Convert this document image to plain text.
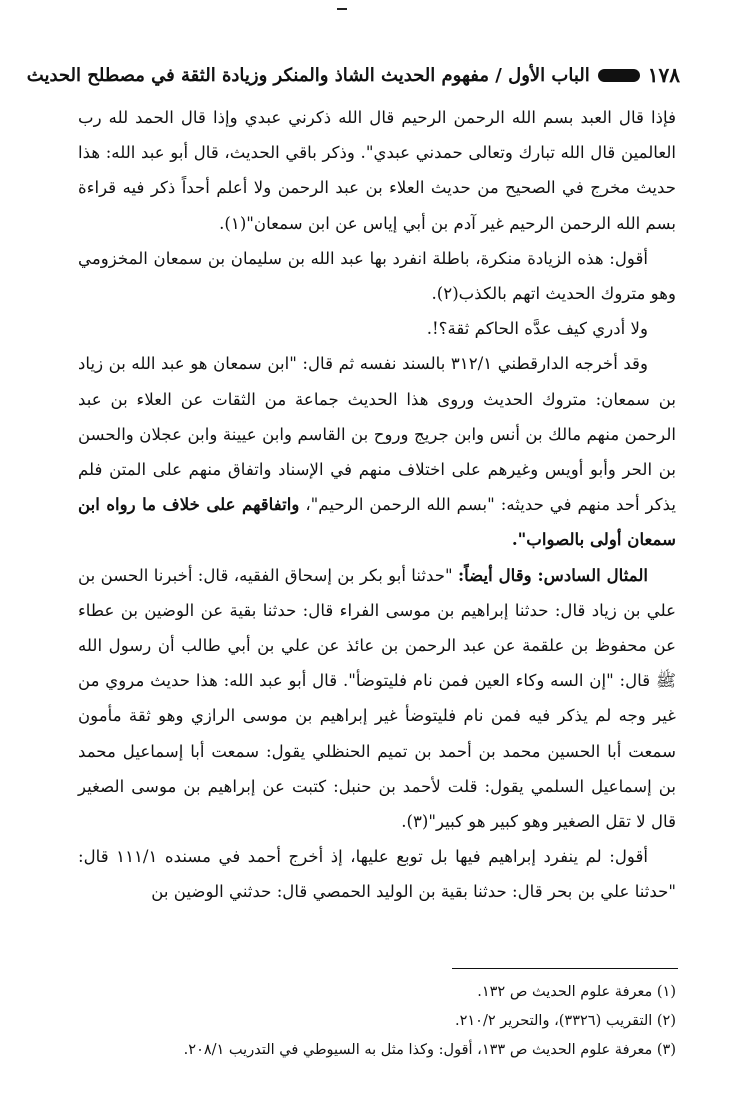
١٧٨
الباب الأول / مفهوم الحديث الشاذ والمنكر وزيادة الثقة في مصطلح الحديث

فإذا قال العبد بسم الله الرحمن الرحيم قال الله ذكرني عبدي وإذا قال الحمد لله رب العالمين قال الله تبارك وتعالى حمدني عبدي". وذكر باقي الحديث، قال أبو عبد الله: هذا حديث مخرج في الصحيح من حديث العلاء بن عبد الرحمن ولا أعلم أحداً ذكر فيه قراءة بسم الله الرحمن الرحيم غير آدم بن أبي إياس عن ابن سمعان"(١).

أقول: هذه الزيادة منكرة، باطلة انفرد بها عبد الله بن سليمان بن سمعان المخزومي وهو متروك الحديث اتهم بالكذب(٢).

ولا أدري كيف عدَّه الحاكم ثقة؟!.

وقد أخرجه الدارقطني ٣١٢/١ بالسند نفسه ثم قال: "ابن سمعان هو عبد الله بن زياد بن سمعان: متروك الحديث وروى هذا الحديث جماعة من الثقات عن العلاء بن عبد الرحمن منهم مالك بن أنس وابن جريج وروح بن القاسم وابن عيينة وابن عجلان والحسن بن الحر وأبو أويس وغيرهم على اختلاف منهم في الإسناد واتفاق منهم على المتن فلم يذكر أحد منهم في حديثه: "بسم الله الرحمن الرحيم"، واتفاقهم على خلاف ما رواه ابن سمعان أولى بالصواب".

المثال السادس: وقال أيضاً: "حدثنا أبو بكر بن إسحاق الفقيه، قال: أخبرنا الحسن بن علي بن زياد قال: حدثنا إبراهيم بن موسى الفراء قال: حدثنا بقية عن الوضين بن عطاء عن محفوظ بن علقمة عن عبد الرحمن بن عائذ عن علي بن أبي طالب أن رسول الله ﷺ قال: "إن السه وكاء العين فمن نام فليتوضأ". قال أبو عبد الله: هذا حديث مروي من غير وجه لم يذكر فيه فمن نام فليتوضأ غير إبراهيم بن موسى الرازي وهو ثقة مأمون سمعت أبا الحسين محمد بن أحمد بن تميم الحنظلي يقول: سمعت أبا إسماعيل محمد بن إسماعيل السلمي يقول: قلت لأحمد بن حنبل: كتبت عن إبراهيم بن موسى الصغير قال لا تقل الصغير وهو كبير هو كبير"(٣).

أقول: لم ينفرد إبراهيم فيها بل توبع عليها، إذ أخرج أحمد في مسنده ١١١/١ قال: "حدثنا علي بن بحر قال: حدثنا بقية بن الوليد الحمصي قال: حدثني الوضين بن

(١) معرفة علوم الحديث ص ١٣٢.
(٢) التقريب (٣٣٢٦)، والتحرير ٢١٠/٢.
(٣) معرفة علوم الحديث ص ١٣٣، أقول: وكذا مثل به السيوطي في التدريب ٢٠٨/١.
